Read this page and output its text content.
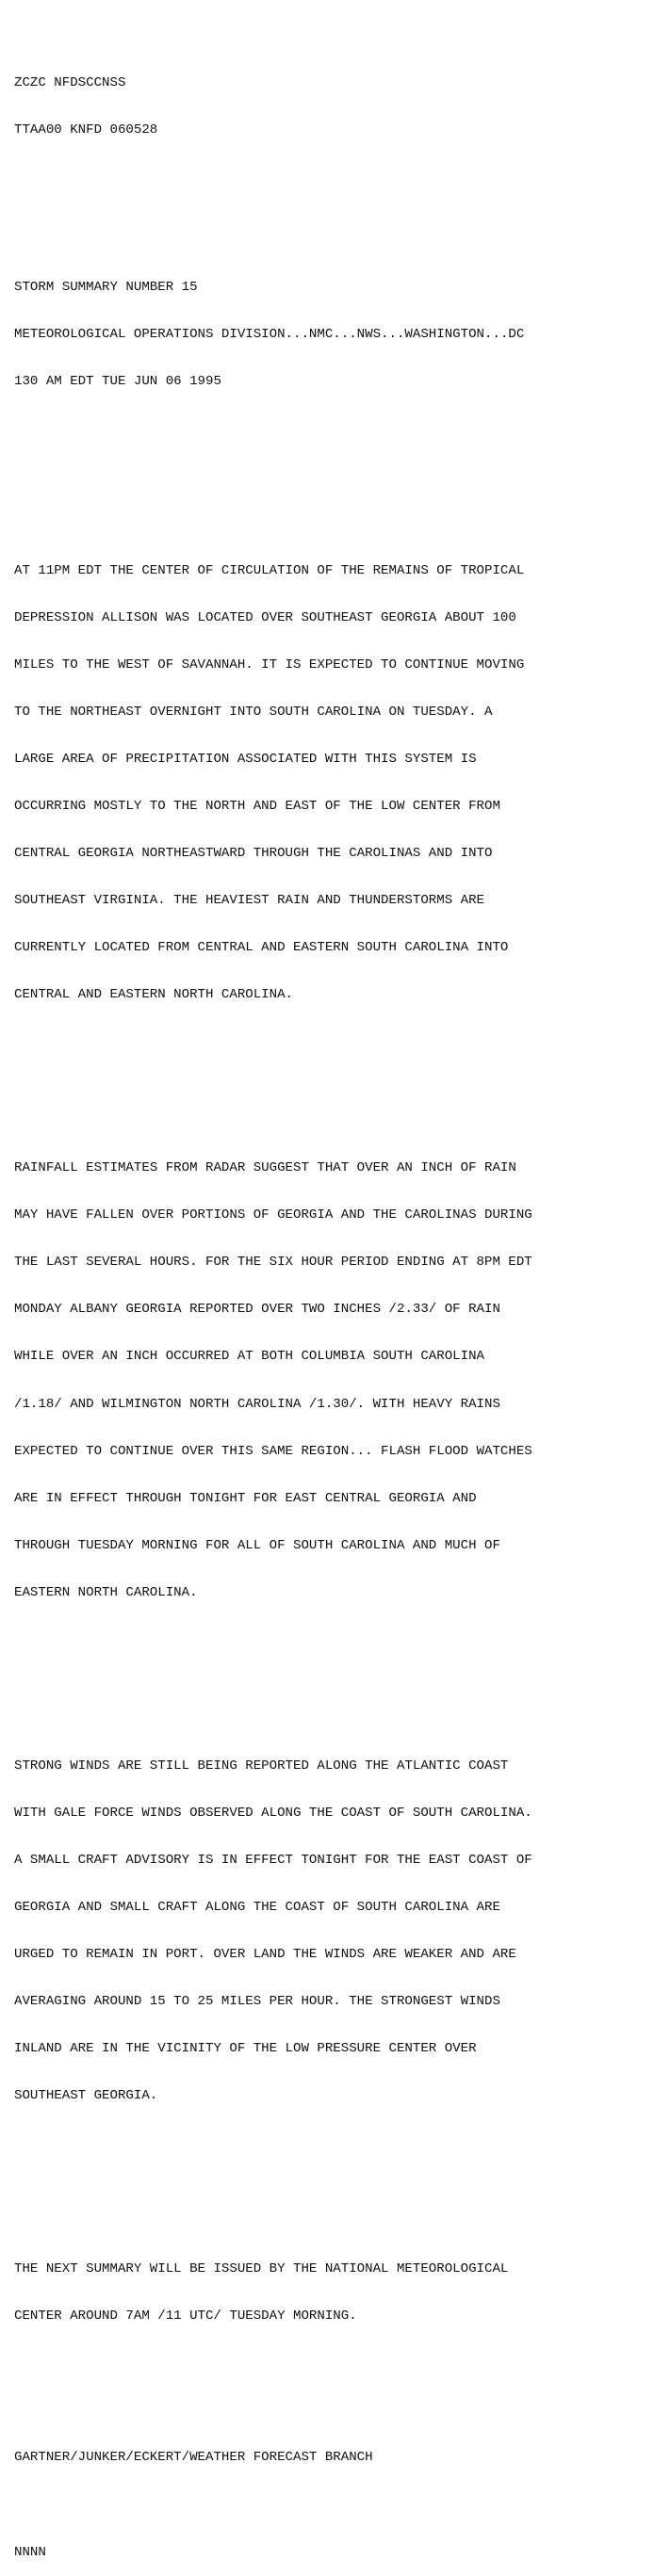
ZCZC NFDSCCNSS

TTAA00 KNFD 060528

STORM SUMMARY NUMBER 15

METEOROLOGICAL OPERATIONS DIVISION...NMC...NWS...WASHINGTON...DC

130 AM EDT TUE JUN 06 1995

AT 11PM EDT THE CENTER OF CIRCULATION OF THE REMAINS OF TROPICAL

DEPRESSION ALLISON WAS LOCATED OVER SOUTHEAST GEORGIA ABOUT 100

MILES TO THE WEST OF SAVANNAH. IT IS EXPECTED TO CONTINUE MOVING

TO THE NORTHEAST OVERNIGHT INTO SOUTH CAROLINA ON TUESDAY. A

LARGE AREA OF PRECIPITATION ASSOCIATED WITH THIS SYSTEM IS

OCCURRING MOSTLY TO THE NORTH AND EAST OF THE LOW CENTER FROM

CENTRAL GEORGIA NORTHEASTWARD THROUGH THE CAROLINAS AND INTO

SOUTHEAST VIRGINIA. THE HEAVIEST RAIN AND THUNDERSTORMS ARE

CURRENTLY LOCATED FROM CENTRAL AND EASTERN SOUTH CAROLINA INTO

CENTRAL AND EASTERN NORTH CAROLINA.

RAINFALL ESTIMATES FROM RADAR SUGGEST THAT OVER AN INCH OF RAIN

MAY HAVE FALLEN OVER PORTIONS OF GEORGIA AND THE CAROLINAS DURING

THE LAST SEVERAL HOURS. FOR THE SIX HOUR PERIOD ENDING AT 8PM EDT

MONDAY ALBANY GEORGIA REPORTED OVER TWO INCHES /2.33/ OF RAIN

WHILE OVER AN INCH OCCURRED AT BOTH COLUMBIA SOUTH CAROLINA

/1.18/ AND WILMINGTON NORTH CAROLINA /1.30/. WITH HEAVY RAINS

EXPECTED TO CONTINUE OVER THIS SAME REGION... FLASH FLOOD WATCHES

ARE IN EFFECT THROUGH TONIGHT FOR EAST CENTRAL GEORGIA AND

THROUGH TUESDAY MORNING FOR ALL OF SOUTH CAROLINA AND MUCH OF

EASTERN NORTH CAROLINA.

STRONG WINDS ARE STILL BEING REPORTED ALONG THE ATLANTIC COAST

WITH GALE FORCE WINDS OBSERVED ALONG THE COAST OF SOUTH CAROLINA.

A SMALL CRAFT ADVISORY IS IN EFFECT TONIGHT FOR THE EAST COAST OF

GEORGIA AND SMALL CRAFT ALONG THE COAST OF SOUTH CAROLINA ARE

URGED TO REMAIN IN PORT. OVER LAND THE WINDS ARE WEAKER AND ARE

AVERAGING AROUND 15 TO 25 MILES PER HOUR. THE STRONGEST WINDS

INLAND ARE IN THE VICINITY OF THE LOW PRESSURE CENTER OVER

SOUTHEAST GEORGIA.

THE NEXT SUMMARY WILL BE ISSUED BY THE NATIONAL METEOROLOGICAL

CENTER AROUND 7AM /11 UTC/ TUESDAY MORNING.

GARTNER/JUNKER/ECKERT/WEATHER FORECAST BRANCH

NNNN
